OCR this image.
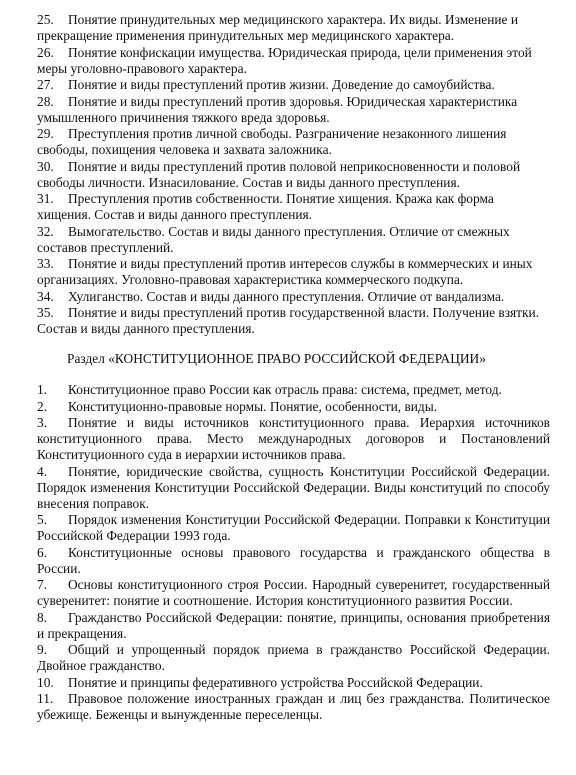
25. Понятие принудительных мер медицинского характера. Их виды. Изменение и прекращение применения принудительных мер медицинского характера.
26. Понятие конфискации имущества. Юридическая природа, цели применения этой меры уголовно-правового характера.
27. Понятие и виды преступлений против жизни. Доведение до самоубийства.
28. Понятие и виды преступлений против здоровья. Юридическая характеристика умышленного причинения тяжкого вреда здоровья.
29. Преступления против личной свободы. Разграничение незаконного лишения свободы, похищения человека и захвата заложника.
30. Понятие и виды преступлений против половой неприкосновенности и половой свободы личности. Изнасилование. Состав и виды данного преступления.
31. Преступления против собственности. Понятие хищения. Кража как форма хищения. Состав и виды данного преступления.
32. Вымогательство. Состав и виды данного преступления. Отличие от смежных составов преступлений.
33. Понятие и виды преступлений против интересов службы в коммерческих и иных организациях. Уголовно-правовая характеристика коммерческого подкупа.
34. Хулиганство. Состав и виды данного преступления. Отличие от вандализма.
35. Понятие и виды преступлений против государственной власти. Получение взятки. Состав и виды данного преступления.
Раздел «КОНСТИТУЦИОННОЕ ПРАВО РОССИЙСКОЙ ФЕДЕРАЦИИ»
1. Конституционное право России как отрасль права: система, предмет, метод.
2. Конституционно-правовые нормы. Понятие, особенности, виды.
3. Понятие и виды источников конституционного права. Иерархия источников конституционного права. Место международных договоров и Постановлений Конституционного суда в иерархии источников права.
4. Понятие, юридические свойства, сущность Конституции Российской Федерации. Порядок изменения Конституции Российской Федерации. Виды конституций по способу внесения поправок.
5. Порядок изменения Конституции Российской Федерации. Поправки к Конституции Российской Федерации 1993 года.
6. Конституционные основы правового государства и гражданского общества в России.
7. Основы конституционного строя России. Народный суверенитет, государственный суверенитет: понятие и соотношение. История конституционного развития России.
8. Гражданство Российской Федерации: понятие, принципы, основания приобретения и прекращения.
9. Общий и упрощенный порядок приема в гражданство Российской Федерации. Двойное гражданство.
10. Понятие и принципы федеративного устройства Российской Федерации.
11. Правовое положение иностранных граждан и лиц без гражданства. Политическое убежище. Беженцы и вынужденные переселенцы.
